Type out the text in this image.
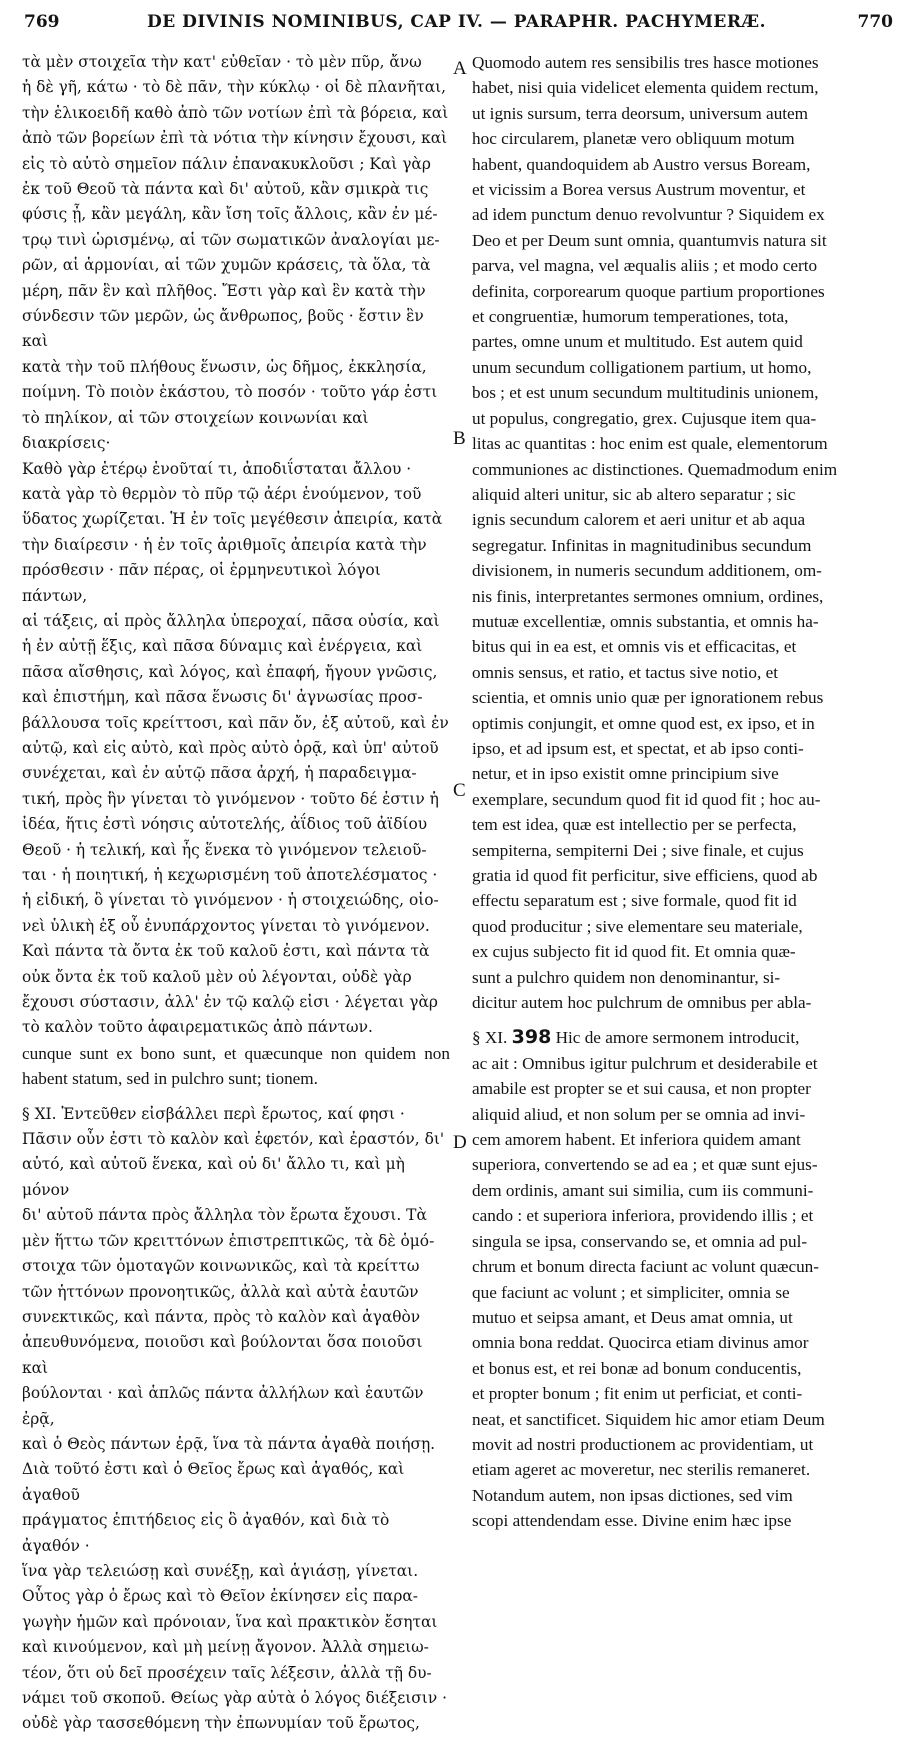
769	DE DIVINIS NOMINIBUS, CAP IV. — PARAPHR. PACHYMERÆ.	770

τὰ μὲν στοιχεῖα τὴν κατ' εὐθεῖαν · τὸ μὲν πῦρ, ἄνω
ἡ δὲ γῆ, κάτω · τὸ δὲ πᾶν, τὴν κύκλῳ · οἱ δὲ πλανῆται,
τὴν ἑλικοειδῆ καθὸ ἀπὸ τῶν νοτίων ἐπὶ τὰ βόρεια, καὶ
ἀπὸ τῶν βορείων ἐπὶ τὰ νότια τὴν κίνησιν ἔχουσι, καὶ
εἰς τὸ αὐτὸ σημεῖον πάλιν ἐπανακυκλοῦσι ; Καὶ γὰρ
ἐκ τοῦ Θεοῦ τὰ πάντα καὶ δι' αὐτοῦ, κἂν σμικρὰ τις
φύσις ᾖ, κἂν μεγάλη, κἂν ἴση τοῖς ἄλλοις, κἂν ἐν μέ-
τρῳ τινὶ ὡρισμένῳ, αἱ τῶν σωματικῶν ἀναλογίαι με-
ρῶν, αἱ ἁρμονίαι, αἱ τῶν χυμῶν κράσεις, τὰ ὅλα, τὰ
μέρη, πᾶν ἓν καὶ πλῆθος. Ἔστι γὰρ καὶ ἓν κατὰ τὴν
σύνδεσιν τῶν μερῶν, ὡς ἄνθρωπος, βοῦς · ἔστιν ἓν καὶ
κατὰ τὴν τοῦ πλήθους ἕνωσιν, ὡς δῆμος, ἐκκλησία,
ποίμνη. Τὸ ποιὸν ἑκάστου, τὸ ποσόν · τοῦτο γάρ ἐστι
τὸ πηλίκον, αἱ τῶν στοιχείων κοινωνίαι καὶ διακρίσεις·
Καθὸ γὰρ ἑτέρῳ ἑνοῦταί τι, ἀποδιΐσταται ἄλλου ·
κατὰ γὰρ τὸ θερμὸν τὸ πῦρ τῷ ἀέρι ἑνούμενον, τοῦ
ὕδατος χωρίζεται. Ἡ ἐν τοῖς μεγέθεσιν ἀπειρία, κατὰ
τὴν διαίρεσιν · ἡ ἐν τοῖς ἀριθμοῖς ἀπειρία κατὰ τὴν
πρόσθεσιν · πᾶν πέρας, οἱ ἑρμηνευτικοὶ λόγοι πάντων,
αἱ τάξεις, αἱ πρὸς ἄλληλα ὑπεροχαί, πᾶσα οὐσία, καὶ
ἡ ἐν αὐτῇ ἕξις, καὶ πᾶσα δύναμις καὶ ἐνέργεια, καὶ
πᾶσα αἴσθησις, καὶ λόγος, καὶ ἐπαφή, ἤγουν γνῶσις,
καὶ ἐπιστήμη, καὶ πᾶσα ἕνωσις δι' ἀγνωσίας προσ-
βάλλουσα τοῖς κρείττοσι, καὶ πᾶν ὄν, ἐξ αὐτοῦ, καὶ ἐν
αὐτῷ, καὶ εἰς αὐτὸ, καὶ πρὸς αὐτὸ ὁρᾷ, καὶ ὑπ' αὐτοῦ
συνέχεται, καὶ ἐν αὐτῷ πᾶσα ἀρχή, ἡ παραδειγμα-
τική, πρὸς ἣν γίνεται τὸ γινόμενον · τοῦτο δέ ἐστιν ἡ
ἰδέα, ἥτις ἐστὶ νόησις αὐτοτελής, ἀΐδιος τοῦ ἀϊδίου
Θεοῦ · ἡ τελική, καὶ ἧς ἕνεκα τὸ γινόμενον τελειοῦ-
ται · ἡ ποιητική, ἡ κεχωρισμένη τοῦ ἀποτελέσματος ·
ἡ εἰδική, ὃ γίνεται τὸ γινόμενον · ἡ στοιχειώδης, οἱο-
νεὶ ὑλικὴ ἐξ οὗ ἐνυπάρχοντος γίνεται τὸ γινόμενον.
Καὶ πάντα τὰ ὄντα ἐκ τοῦ καλοῦ ἐστι, καὶ πάντα τὰ
οὐκ ὄντα ἐκ τοῦ καλοῦ μὲν οὐ λέγονται, οὐδὲ γὰρ
ἔχουσι σύστασιν, ἀλλ' ἐν τῷ καλῷ εἰσι · λέγεται γὰρ
τὸ καλὸν τοῦτο ἀφαιρεματικῶς ἀπὸ πάντων.

cunque sunt ex bono sunt, et quæcunque non quidem non habent statum, sed in pulchro sunt; tionem.

§ XI. Ἐντεῦθεν εἰσβάλλει περὶ ἔρωτος, καί φησι ·
Πᾶσιν οὖν ἐστι τὸ καλὸν καὶ ἐφετόν, καὶ ἐραστόν, δι'
αὐτό, καὶ αὐτοῦ ἕνεκα, καὶ οὐ δι' ἄλλο τι, καὶ μὴ μόνον
δι' αὐτοῦ πάντα πρὸς ἄλληλα τὸν ἔρωτα ἔχουσι. Τὰ
μὲν ἥττω τῶν κρειττόνων ἐπιστρεπτικῶς, τὰ δὲ ὁμό-
στοιχα τῶν ὁμοταγῶν κοινωνικῶς, καὶ τὰ κρείττω
τῶν ἡττόνων προνοητικῶς, ἀλλὰ καὶ αὐτὰ ἑαυτῶν
συνεκτικῶς, καὶ πάντα, πρὸς τὸ καλὸν καὶ ἀγαθὸν
ἀπευθυνόμενα, ποιοῦσι καὶ βούλονται ὅσα ποιοῦσι καὶ
βούλονται · καὶ ἁπλῶς πάντα ἀλλήλων καὶ ἑαυτῶν ἐρᾷ,
καὶ ὁ Θεὸς πάντων ἐρᾷ, ἵνα τὰ πάντα ἀγαθὰ ποιήσῃ.
Διὰ τοῦτό ἐστι καὶ ὁ Θεῖος ἔρως καὶ ἀγαθός, καὶ ἀγαθοῦ
πράγματος ἐπιτήδειος εἰς ὃ ἀγαθόν, καὶ διὰ τὸ ἀγαθόν ·
ἵνα γὰρ τελειώσῃ καὶ συνέξῃ, καὶ ἁγιάσῃ, γίνεται.
Οὗτος γὰρ ὁ ἔρως καὶ τὸ Θεῖον ἐκίνησεν εἰς παρα-
γωγὴν ἡμῶν καὶ πρόνοιαν, ἵνα καὶ πρακτικὸν ἔσηται
καὶ κινούμενον, καὶ μὴ μείνῃ ἄγονον. Ἀλλὰ σημειω-
τέον, ὅτι οὐ δεῖ προσέχειν ταῖς λέξεσιν, ἀλλὰ τῇ δυ-
νάμει τοῦ σκοποῦ. Θείως γὰρ αὐτὰ ὁ λόγος διέξεισιν ·
οὐδὲ γὰρ τασσεθόμενη τὴν ἐπωνυμίαν τοῦ ἔρωτος,

A
B
C
D

Quomodo autem res sensibilis tres hasce motiones
habet, nisi quia videlicet elementa quidem rectum,
ut ignis sursum, terra deorsum, universum autem
hoc circularem, planetæ vero obliquum motum
habent, quandoquidem ab Austro versus Boream,
et vicissim a Borea versus Austrum moventur, et
ad idem punctum denuo revolvuntur ? Siquidem ex
Deo et per Deum sunt omnia, quantumvis natura sit
parva, vel magna, vel æqualis aliis ; et modo certo
definita, corporearum quoque partium proportiones
et congruentiæ, humorum temperationes, tota,
partes, omne unum et multitudo. Est autem quid
unum secundum colligationem partium, ut homo,
bos ; et est unum secundum multitudinis unionem,
ut populus, congregatio, grex. Cujusque item qua-
litas ac quantitas : hoc enim est quale, elementorum
communiones ac distinctiones. Quemadmodum enim
aliquid alteri unitur, sic ab altero separatur ; sic
ignis secundum calorem et aeri unitur et ab aqua
segregatur. Infinitas in magnitudinibus secundum
divisionem, in numeris secundum additionem, om-
nis finis, interpretantes sermones omnium, ordines,
mutuæ excellentiæ, omnis substantia, et omnis ha-
bitus qui in ea est, et omnis vis et efficacitas, et
omnis sensus, et ratio, et tactus sive notio, et
scientia, et omnis unio quæ per ignorationem rebus
optimis conjungit, et omne quod est, ex ipso, et in
ipso, et ad ipsum est, et spectat, et ab ipso conti-
netur, et in ipso existit omne principium sive
exemplare, secundum quod fit id quod fit ; hoc au-
tem est idea, quæ est intellectio per se perfecta,
sempiterna, sempiterni Dei ; sive finale, et cujus
gratia id quod fit perficitur, sive efficiens, quod ab
effectu separatum est ; sive formale, quod fit id
quod producitur ; sive elementare seu materiale,
ex cujus subjecto fit id quod fit. Et omnia quæ-

sunt a pulchro quidem non denominantur, si-
dicitur autem hoc pulchrum de omnibus per abla-

§ XI. 398 Hic de amore sermonem introducit,
ac ait : Omnibus igitur pulchrum et desiderabile et
amabile est propter se et sui causa, et non propter
aliquid aliud, et non solum per se omnia ad invi-
cem amorem habent. Et inferiora quidem amant
superiora, convertendo se ad ea ; et quæ sunt ejus-
dem ordinis, amant sui similia, cum iis communi-
cando : et superiora inferiora, providendo illis ; et
singula se ipsa, conservando se, et omnia ad pul-
chrum et bonum directa faciunt ac volunt quæcun-
que faciunt ac volunt ; et simpliciter, omnia se
mutuo et seipsa amant, et Deus amat omnia, ut
omnia bona reddat. Quocirca etiam divinus amor
et bonus est, et rei bonæ ad bonum conducentis,
et propter bonum ; fit enim ut perficiat, et conti-
neat, et sanctificet. Siquidem hic amor etiam Deum
movit ad nostri productionem ac providentiam, ut
etiam ageret ac moveretur, nec sterilis remaneret.
Notandum autem, non ipsas dictiones, sed vim
scopi attendendam esse. Divine enim hæc ipse
